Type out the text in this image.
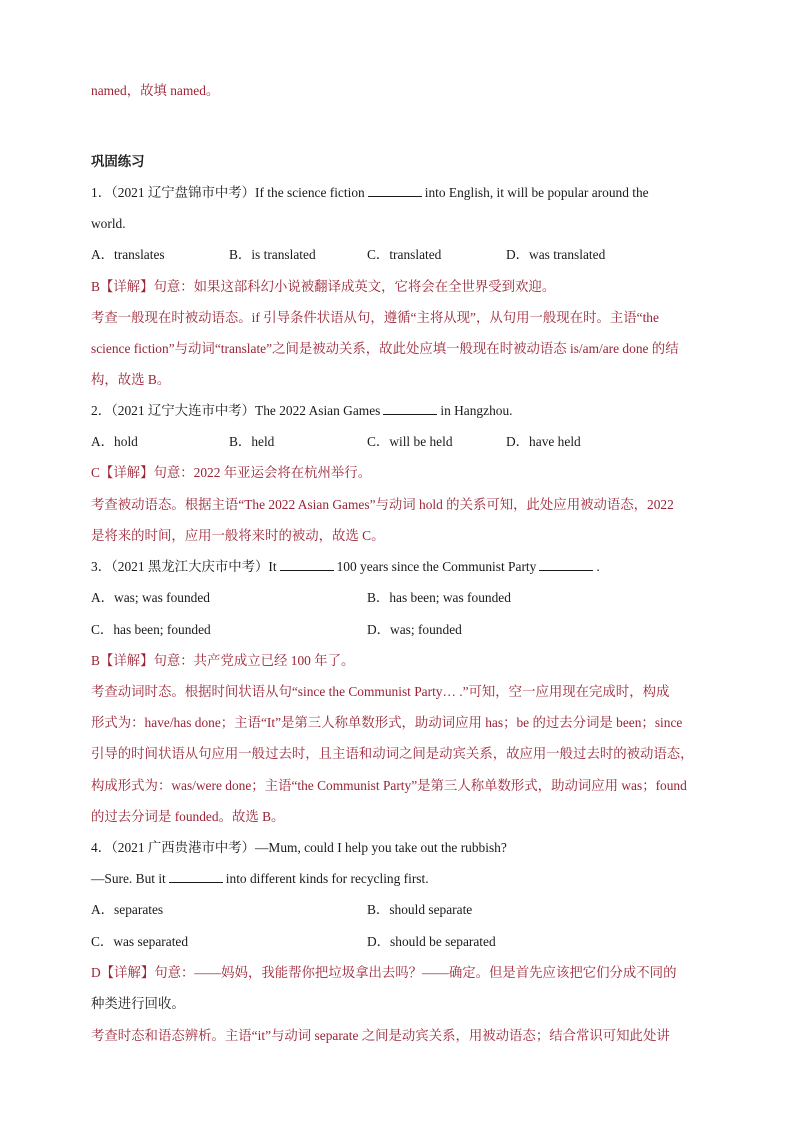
named，故填 named。
巩固练习
1．（2021 辽宁盘锦市中考）If the science fiction	into English, it will be popular around the
world.
A．translates	B．is translated	C．translated	D．was translated
B【详解】句意：如果这部科幻小说被翻译成英文，它将会在全世界受到欢迎。
考查一般现在时被动语态。if 引导条件状语从句，遵循“主将从现”，从句用一般现在时。主语“the
science fiction”与动词“translate”之间是被动关系，故此处应填一般现在时被动语态 is/am/are done 的结
构，故选 B。
2．（2021 辽宁大连市中考）The 2022 Asian Games	in Hangzhou.
A．hold	B．held	C．will be held	D．have held
C【详解】句意：2022 年亚运会将在杭州举行。
考查被动语态。根据主语“The 2022 Asian Games”与动词 hold 的关系可知，此处应用被动语态，2022
是将来的时间，应用一般将来时的被动，故选 C。
3．（2021 黑龙江大庆市中考）It	100 years since the Communist Party	.
A．was; was founded	B．has been; was founded
C．has been; founded	D．was; founded
B【详解】句意：共产党成立已经 100 年了。
考查动词时态。根据时间状语从句“since the Communist Party… .”可知，空一应用现在完成时，构成
形式为：have/has done；主语“It”是第三人称单数形式，助动词应用 has；be 的过去分词是 been；since
引导的时间状语从句应用一般过去时，且主语和动词之间是动宾关系，故应用一般过去时的被动语态，
构成形式为：was/were done；主语“the Communist Party”是第三人称单数形式，助动词应用 was；found
的过去分词是 founded。故选 B。
4．（2021 广西贵港市中考）—Mum, could I help you take out the rubbish?
—Sure. But it	into different kinds for recycling first.
A．separates	B．should separate
C．was separated	D．should be separated
D【详解】句意：——妈妈，我能帮你把垃圾拿出去吗？——确定。但是首先应该把它们分成不同的
种类进行回收。
考查时态和语态辨析。主语“it”与动词 separate 之间是动宾关系，用被动语态；结合常识可知此处讲
